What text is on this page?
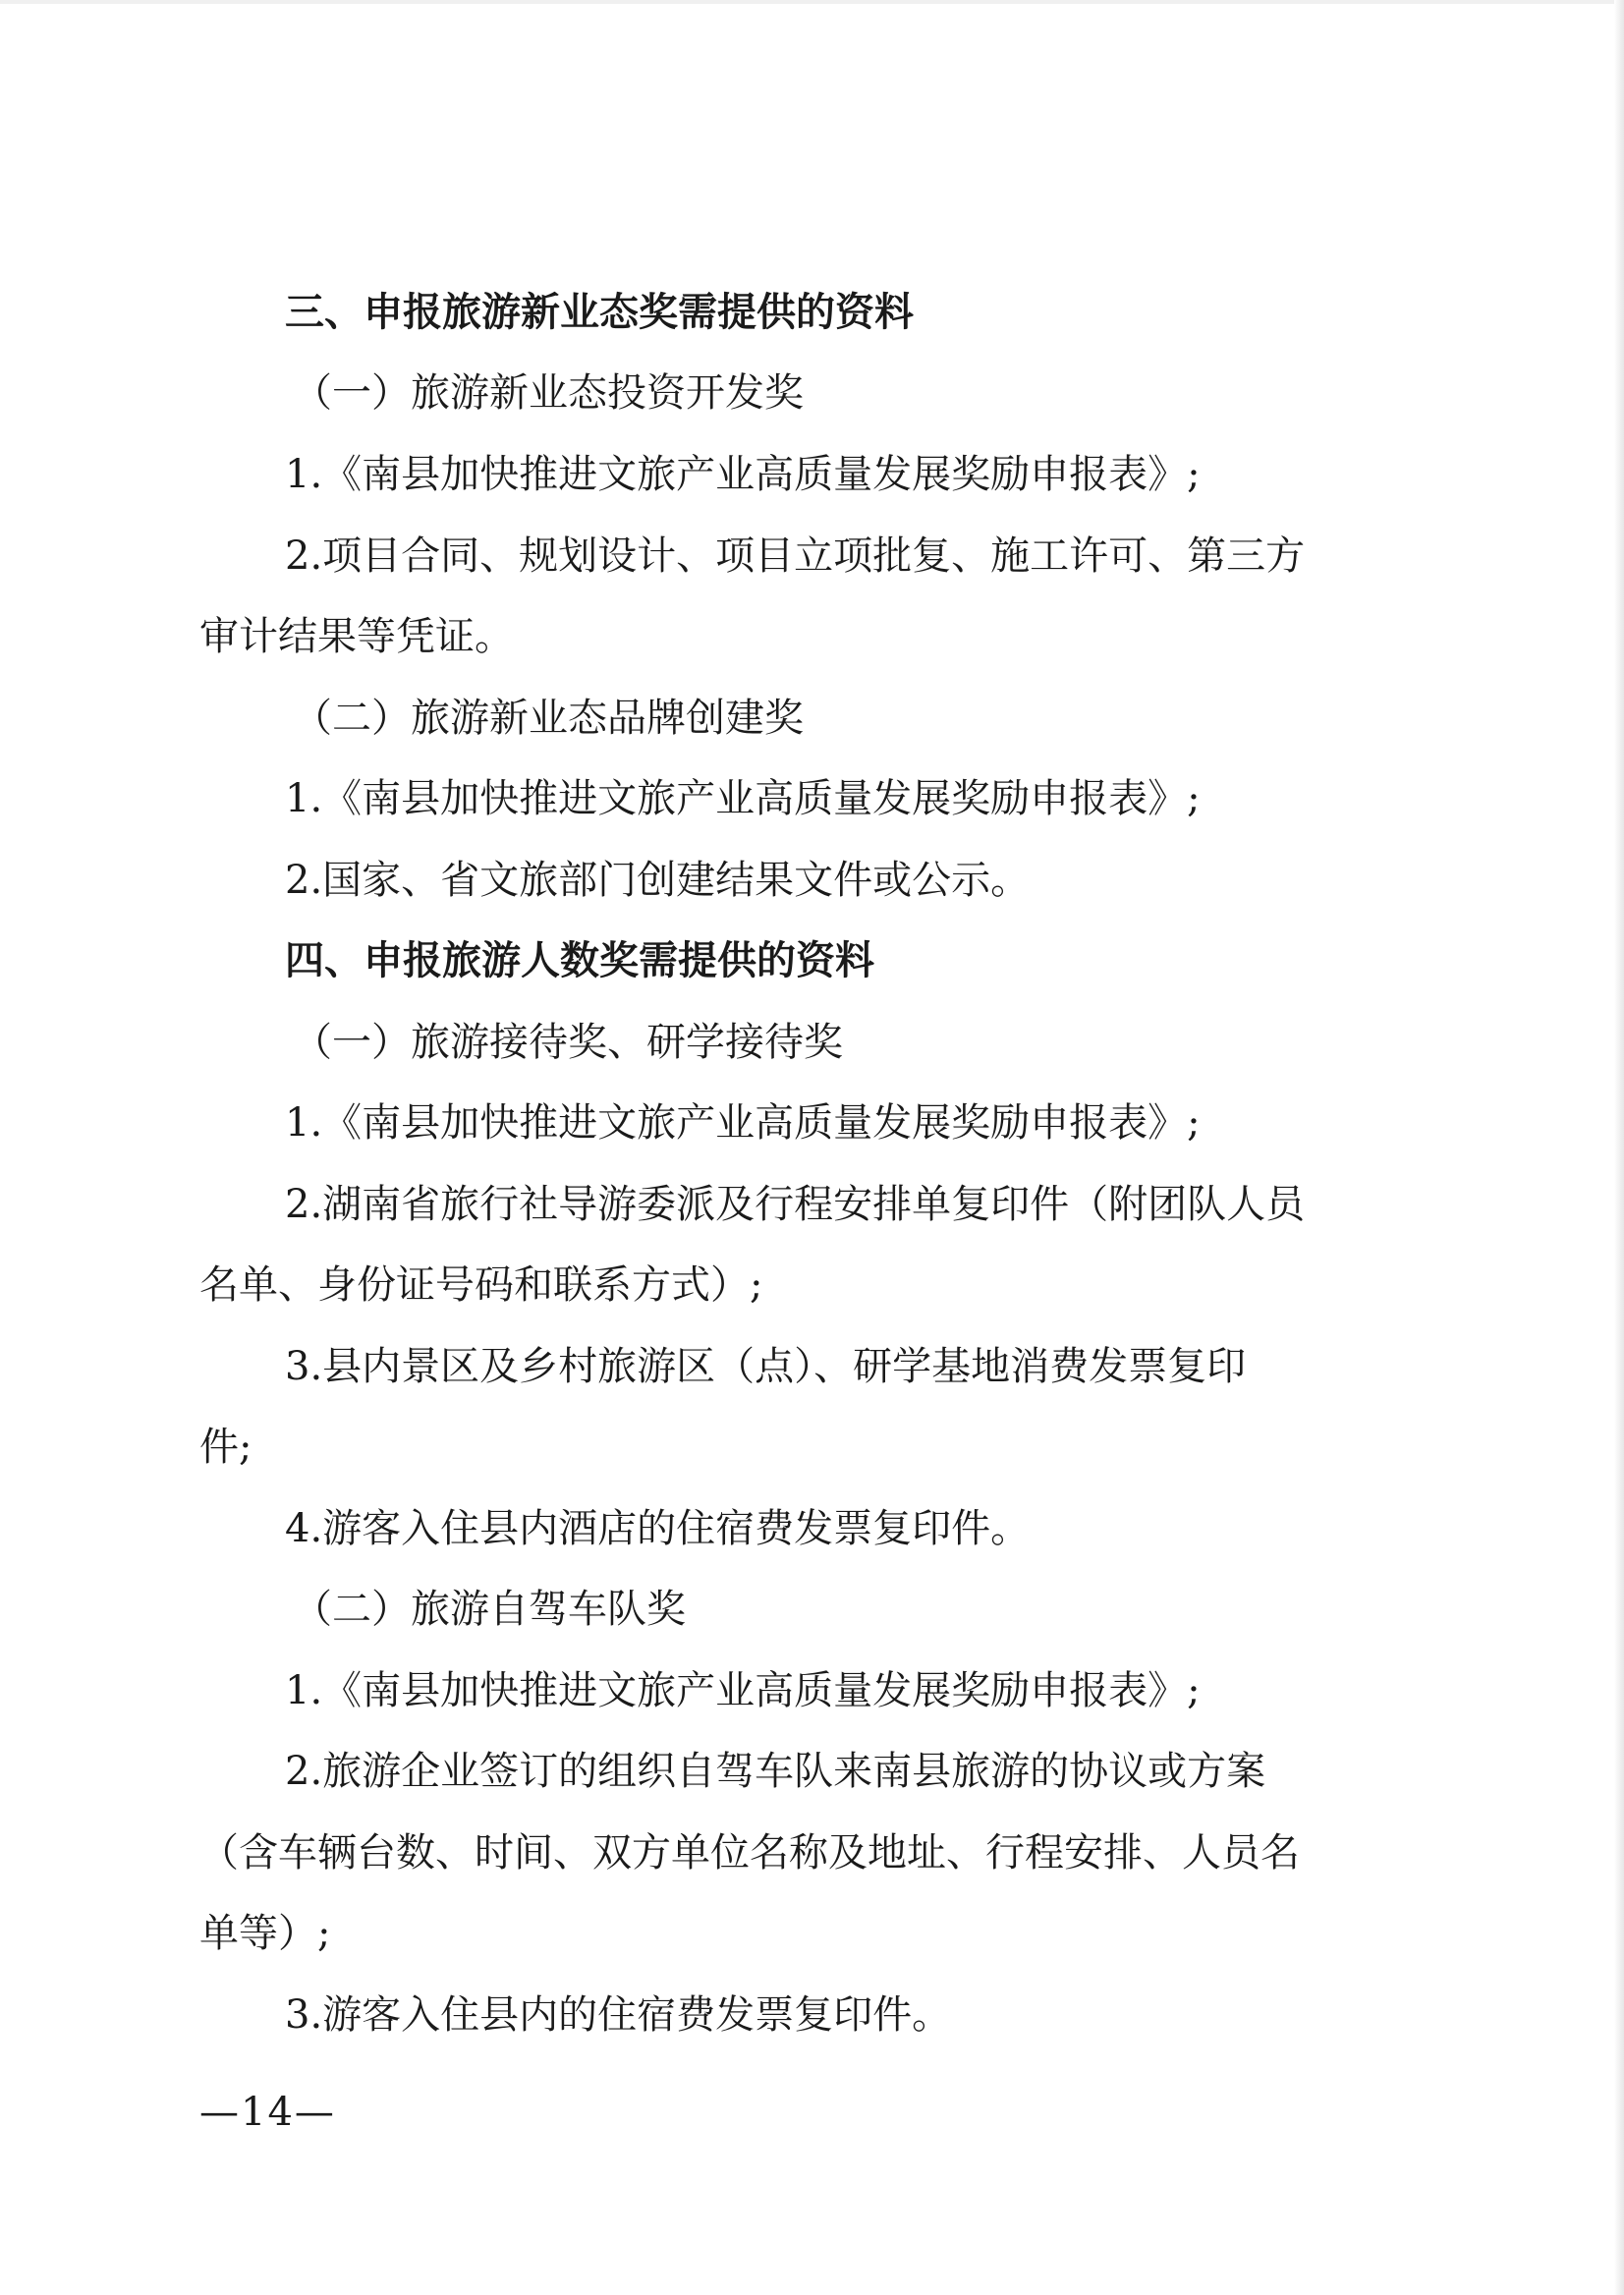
三、申报旅游新业态奖需提供的资料
（一）旅游新业态投资开发奖
1.《南县加快推进文旅产业高质量发展奖励申报表》;
2.项目合同、规划设计、项目立项批复、施工许可、第三方
审计结果等凭证。
（二）旅游新业态品牌创建奖
1.《南县加快推进文旅产业高质量发展奖励申报表》;
2.国家、省文旅部门创建结果文件或公示。
四、申报旅游人数奖需提供的资料
（一）旅游接待奖、研学接待奖
1.《南县加快推进文旅产业高质量发展奖励申报表》;
2.湖南省旅行社导游委派及行程安排单复印件（附团队人员
名单、身份证号码和联系方式）;
3.县内景区及乡村旅游区（点）、研学基地消费发票复印
件;
4.游客入住县内酒店的住宿费发票复印件。
（二）旅游自驾车队奖
1.《南县加快推进文旅产业高质量发展奖励申报表》;
2.旅游企业签订的组织自驾车队来南县旅游的协议或方案
（含车辆台数、时间、双方单位名称及地址、行程安排、人员名
单等）;
3.游客入住县内的住宿费发票复印件。
—14—
